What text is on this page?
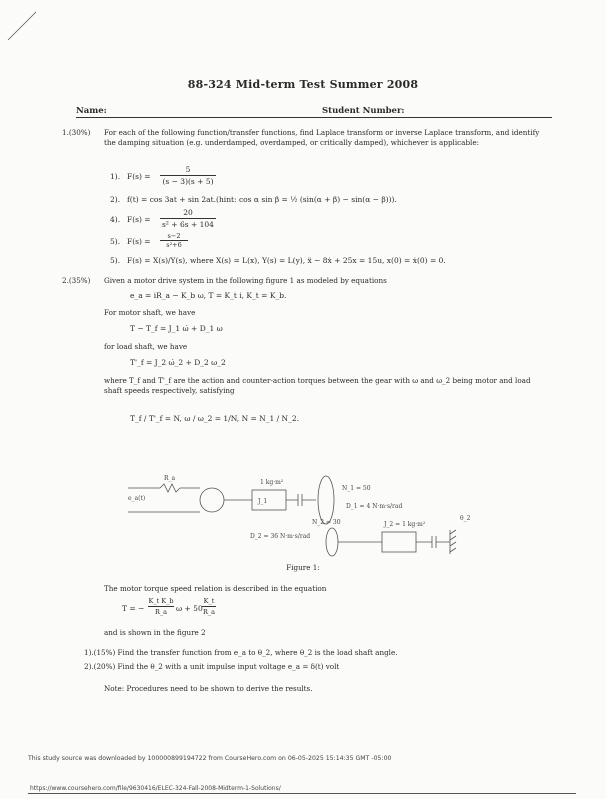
88-324 Mid-term Test Summer 2008
Name:	Student Number:
1.(30%) For each of the following function/transfer functions, find Laplace transform or inverse Laplace transform, and identify the damping situation (e.g. underdamped, overdamped, or critically damped), whichever is applicable:
1). F(s) =
5
(s − 3)(s + 5)
2). f(t) = cos 3at + sin 2at.(hint: cos α sin β = ½ (sin(α + β) − sin(α − β))).
4). F(s) =
20
s² + 6s + 104
5). F(s) =
s−2
s²+6
5). F(s) = X(s)/Y(s), where X(s) = L(x), Y(s) = L(y), ẍ − 8ẋ + 25x = 15u, x(0) = ẋ(0) = 0.
2.(35%) Given a motor drive system in the following figure 1 as modeled by equations
e_a = iR_a − K_b ω, T = K_t i, K_t = K_b.
For motor shaft, we have
T − T_f = J_1 ω̇ + D_1 ω
for load shaft, we have
T'_f = J_2 ω̇_2 + D_2 ω_2
where T_f and T'_f are the action and counter-action torques between the gear with ω and ω_2 being motor and load shaft speeds respectively, satisfying
T_f / T'_f = N, ω / ω_2 = 1/N, N = N_1 / N_2.
e_a(t)
R_a
J_1
1 kg·m²
N_1 = 50
N_2 = 30
D_1 = 4 N·m·s/rad
D_2 = 36 N·m·s/rad
J_2 = 1 kg·m²
θ_2
Figure 1:
The motor torque speed relation is described in the equation
T = −
K_t K_b
R_a	ω + 50
K_t
R_a
and is shown in the figure 2
1).(15%) Find the transfer function from e_a to θ_2, where θ_2 is the load shaft angle.
2).(20%) Find the θ_2 with a unit impulse input voltage e_a = δ(t) volt
Note: Procedures need to be shown to derive the results.
This study source was downloaded by 100000899194722 from CourseHero.com on 06-05-2025 15:14:35 GMT -05:00
https://www.coursehero.com/file/9630416/ELEC-324-Fall-2008-Midterm-1-Solutions/
